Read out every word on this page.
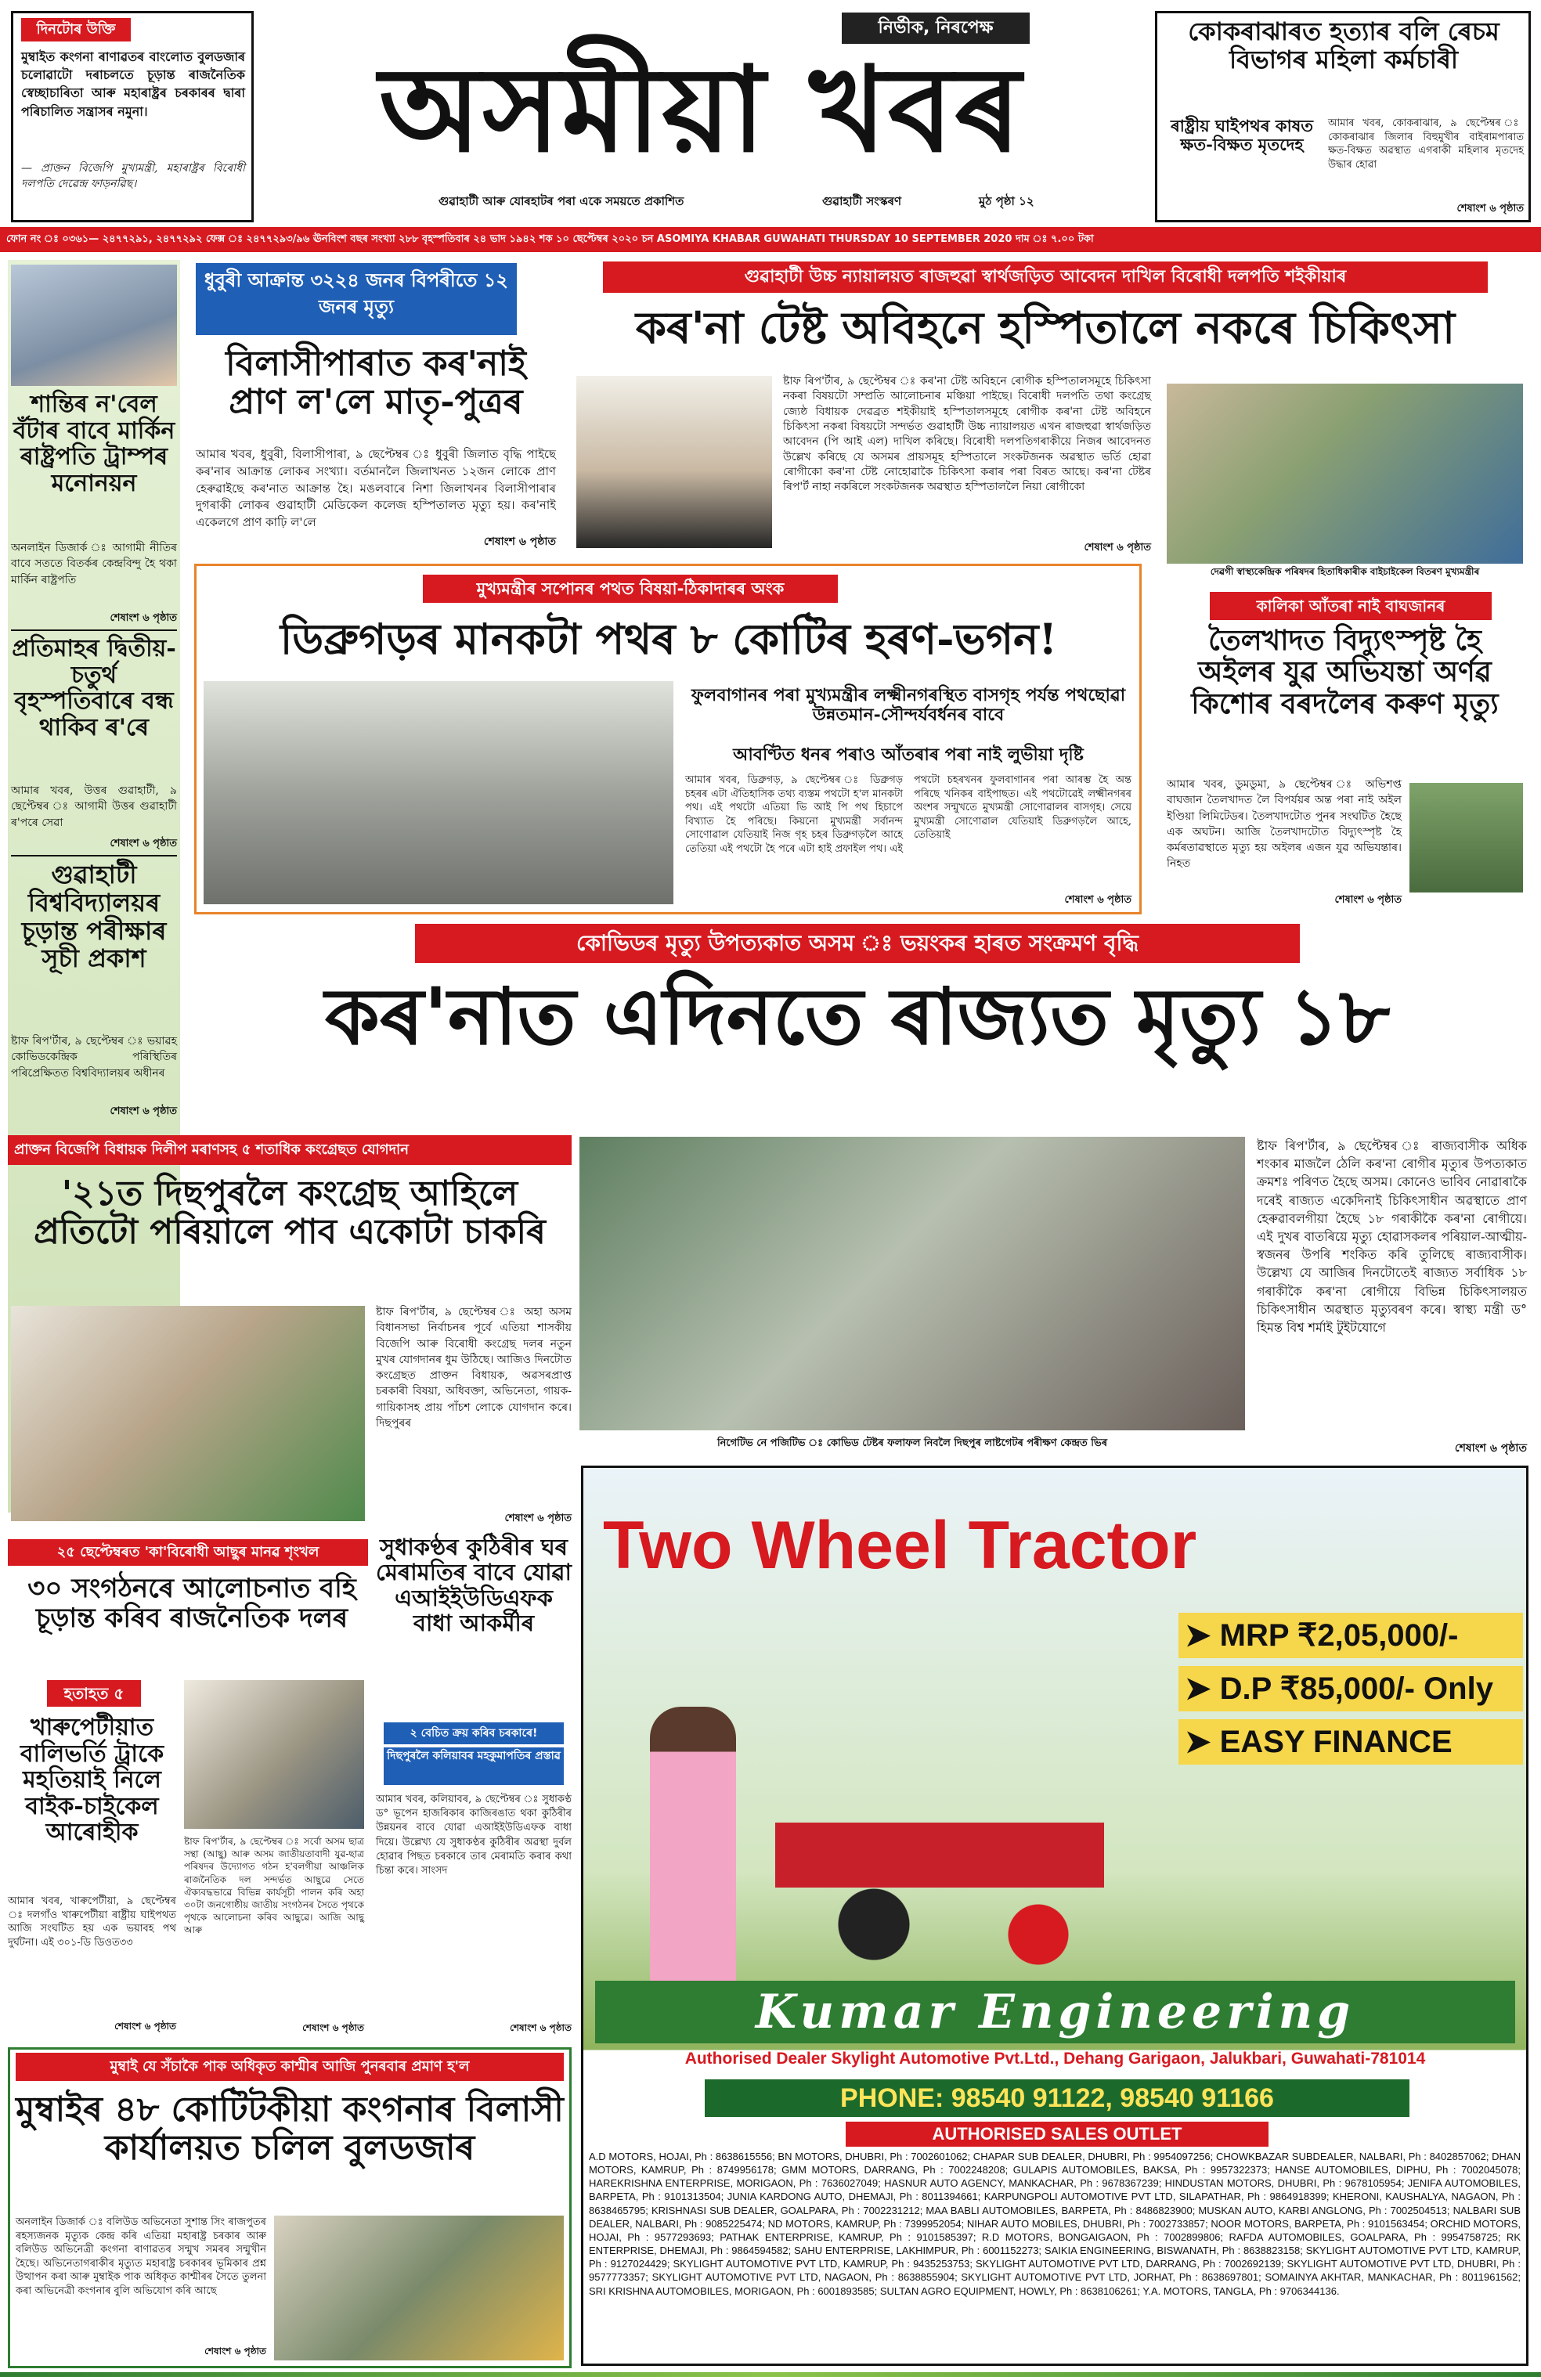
দিনটোৰ উক্তি
মুম্বাইত কংগনা ৰাণাৱতৰ বাংলোত বুলডজাৰ চলোৱাটো দৰাচলতে চূড়ান্ত ৰাজনৈতিক স্বেচ্ছাচাৰিতা আৰু মহাৰাষ্ট্ৰৰ চৰকাৰৰ দ্বাৰা পৰিচালিত সন্ত্ৰাসৰ নমুনা।
— প্ৰাক্তন বিজেপি মুখ্যমন্ত্ৰী, মহাৰাষ্ট্ৰৰ বিৰোধী দলপতি দেৱেন্দ্ৰ ফাড়নৱিছ।
নিৰ্ভীক, নিৰপেক্ষ
অসমীয়া খবৰ
গুৱাহাটী আৰু যোৰহাটৰ পৰা একে সময়তে প্ৰকাশিত	গুৱাহাটী সংস্কৰণ	মুঠ পৃষ্ঠা ১২
কোকৰাঝাৰত হত্যাৰ বলি ৰেচম বিভাগৰ মহিলা কৰ্মচাৰী
ৰাষ্ট্ৰীয় ঘাইপথৰ কাষত ক্ষত-বিক্ষত মৃতদেহ
আমাৰ খবৰ, কোকৰাঝাৰ, ৯ ছেপ্টেম্বৰ ঃ কোকৰাঝাৰ জিলাৰ বিহুমুখীৰ বাইৰামপাৰাত ক্ষত-বিক্ষত অৱস্থাত এগৰাকী মহিলাৰ মৃতদেহ উদ্ধাৰ হোৱা
শেষাংশ ৬ পৃষ্ঠাত
ফোন নং ঃ ০৩৬১— ২৪৭৭২৯১, ২৪৭৭২৯২ ফেক্স ঃ ২৪৭৭২৯৩/৯৬ ঊনবিংশ বছৰ সংখ্যা ২৮৮ বৃহস্পতিবাৰ ২৪ ভাদ ১৯৪২ শক ১০ ছেপ্টেম্বৰ ২০২০ চন ASOMIYA KHABAR GUWAHATI THURSDAY 10 SEPTEMBER 2020 দাম ঃ ৭.০০ টকা
শান্তিৰ ন'বেল বঁটাৰ বাবে মাৰ্কিন ৰাষ্ট্ৰপতি ট্ৰাম্পৰ মনোনয়ন
অনলাইন ডিজাৰ্ক ঃ আগামী নীতিৰ বাবে সততে বিতৰ্কৰ কেন্দ্ৰবিন্দু হৈ থকা মাৰ্কিন ৰাষ্ট্ৰপতি
শেষাংশ ৬ পৃষ্ঠাত
প্ৰতিমাহৰ দ্বিতীয়-চতুৰ্থ বৃহস্পতিবাৰে বন্ধ থাকিব ৰ'ৰে
আমাৰ খবৰ, উত্তৰ গুৱাহাটী, ৯ ছেপ্টেম্বৰ ঃ আগামী উত্তৰ গুৱাহাটী ৰ'পৰে সেৱা
শেষাংশ ৬ পৃষ্ঠাত
গুৱাহাটী বিশ্ববিদ্যালয়ৰ চূড়ান্ত পৰীক্ষাৰ সূচী প্ৰকাশ
ষ্টাফ ৰিপ'ৰ্টাৰ, ৯ ছেপ্টেম্বৰ ঃ ভয়াৱহ কোভিডকেন্দ্ৰিক পৰিস্থিতিৰ পৰিপ্ৰেক্ষিতত বিশ্ববিদ্যালয়ৰ অধীনৰ
শেষাংশ ৬ পৃষ্ঠাত
ধুবুৰী আক্ৰান্ত ৩২২৪ জনৰ বিপৰীতে ১২ জনৰ মৃত্যু
বিলাসীপাৰাত কৰ'নাই প্ৰাণ ল'লে মাতৃ-পুত্ৰৰ
আমাৰ খবৰ, ধুবুৰী, বিলাসীপাৰা, ৯ ছেপ্টেম্বৰ ঃ ধুবুৰী জিলাত বৃদ্ধি পাইছে কৰ'নাৰ আক্ৰান্ত লোকৰ সংখ্যা। বৰ্তমানলৈ জিলাখনত ১২জন লোকে প্ৰাণ হেৰুৱাইছে কৰ'নাত আক্ৰান্ত হৈ। মঙলবাৰে নিশা জিলাখনৰ বিলাসীপাৰাৰ দুগৰাকী লোকৰ গুৱাহাটী মেডিকেল কলেজ হস্পিতালত মৃত্যু হয়। কৰ'নাই একেলগে প্ৰাণ কাঢ়ি ল'লে
শেষাংশ ৬ পৃষ্ঠাত
গুৱাহাটী উচ্চ ন্যায়ালয়ত ৰাজহুৱা স্বাৰ্থজড়িত আবেদন দাখিল বিৰোধী দলপতি শইকীয়াৰ
কৰ'না টেষ্ট অবিহনে হস্পিতালে নকৰে চিকিৎসা
ষ্টাফ ৰিপ'ৰ্টাৰ, ৯ ছেপ্টেম্বৰ ঃ কৰ'না টেষ্ট অবিহনে ৰোগীক হস্পিতালসমূহে চিকিৎসা নকৰা বিষয়টো সম্প্ৰতি আলোচনাৰ মঞ্চিয়া পাইছে। বিৰোধী দলপতি তথা কংগ্ৰেছ জ্যেষ্ঠ বিধায়ক দেৱব্ৰত শইকীয়াই হস্পিতালসমূহে ৰোগীক কৰ'না টেষ্ট অবিহনে চিকিৎসা নকৰা বিষয়টো সন্দৰ্ভত গুৱাহাটী উচ্চ ন্যায়ালয়ত এখন ৰাজহুৱা স্বাৰ্থজড়িত আবেদন (পি আই এল) দাখিল কৰিছে। বিৰোধী দলপতিগৰাকীয়ে নিজৰ আবেদনত উল্লেখ কৰিছে যে অসমৰ প্ৰায়সমূহ হস্পিতালে সংকটজনক অৱস্থাত ভৰ্তি হোৱা ৰোগীকো কৰ'না টেষ্ট নোহোৱাকৈ চিকিৎসা কৰাৰ পৰা বিৰত আছে। কৰ'না টেষ্টৰ ৰিপ'ৰ্ট নাহা নকৰিলে সংকটজনক অৱস্থাত হস্পিতাললৈ নিয়া ৰোগীকো
শেষাংশ ৬ পৃষ্ঠাত
দেৱগী স্বাস্থ্যকেন্দ্ৰিক পৰিষদৰ হিতাধিকাৰীক বাইচাইকেল বিতৰণ মুখ্যমন্ত্ৰীৰ
কালিকা আঁতৰা নাই বাঘজানৰ
তৈলখাদত বিদ্যুৎস্পৃষ্ট হৈ অইলৰ যুৱ অভিযন্তা অৰ্ণৱ কিশোৰ বৰদলৈৰ কৰুণ মৃত্যু
আমাৰ খবৰ, ডুমডুমা, ৯ ছেপ্টেম্বৰ ঃ অভিশপ্ত বাঘজান তৈলখাদত লৈ বিপৰ্যয়ৰ অন্ত পৰা নাই অইল ইণ্ডিয়া লিমিটেডৰ। তৈলখাদটোত পুনৰ সংঘটিত হৈছে এক অঘটন। আজি তৈলখাদটোত বিদ্যুৎস্পৃষ্ট হৈ কৰ্মৰতাৱস্থাতে মৃত্যু হয় অইলৰ এজন যুৱ অভিযন্তাৰ। নিহত
শেষাংশ ৬ পৃষ্ঠাত
মুখ্যমন্ত্ৰীৰ সপোনৰ পথত বিষয়া-ঠিকাদাৰৰ অংক
ডিব্ৰুগড়ৰ মানকটা পথৰ ৮ কোটিৰ হৰণ-ভগন!
ফুলবাগানৰ পৰা মুখ্যমন্ত্ৰীৰ লক্ষ্মীনগৰস্থিত বাসগৃহ পৰ্যন্ত পথছোৱা উন্নতমান-সৌন্দৰ্যবৰ্ধনৰ বাবে
আবণ্টিত ধনৰ পৰাও আঁতৰাৰ পৰা নাই লুভীয়া দৃষ্টি
আমাৰ খবৰ, ডিব্ৰুগড়, ৯ ছেপ্টেম্বৰ ঃ ডিব্ৰুগড় চহৰৰ এটা ঐতিহাসিক তথ্য ব্যস্তম পথটো হ'ল মানকটা পথ। এই পথটো এতিয়া ভি আই পি পথ হিচাপে বিখ্যাত হৈ পৰিছে। কিয়নো মুখ্যমন্ত্ৰী সৰ্বানন্দ সোণোৱাল যেতিয়াই নিজ গৃহ চহৰ ডিব্ৰুগড়লৈ আহে তেতিয়া এই পথটো হৈ পৰে এটা হাই প্ৰফাইল পথ। এই পথটো চহৰখনৰ ফুলবাগানৰ পৰা আৰম্ভ হৈ অন্ত পৰিছে খনিকৰ বাইপাছত। এই পথটোৱেই লক্ষ্মীনগৰৰ অংশৰ সন্মুখতে মুখ্যমন্ত্ৰী সোণোৱালৰ বাসগৃহ। সেয়ে মুখ্যমন্ত্ৰী সোণোৱাল যেতিয়াই ডিব্ৰুগড়লৈ আহে, তেতিয়াই
শেষাংশ ৬ পৃষ্ঠাত
কোভিডৰ মৃত্যু উপত্যকাত অসম ঃ ভয়ংকৰ হাৰত সংক্ৰমণ বৃদ্ধি
কৰ'নাত এদিনতে ৰাজ্যত মৃত্যু ১৮
নিগেটিভ নে পজিটিভ ঃ কোভিড টেষ্টৰ ফলাফল নিবলৈ দিছপুৰ লাষ্টগেটৰ পৰীক্ষণ কেন্দ্ৰত ভিৰ
ষ্টাফ ৰিপ'ৰ্টাৰ, ৯ ছেপ্টেম্বৰ ঃ ৰাজ্যবাসীক অধিক শংকাৰ মাজলৈ ঠেলি কৰ'না ৰোগীৰ মৃত্যুৰ উপত্যকাত ক্ৰমশঃ পৰিণত হৈছে অসম। কোনেও ভাবিব নোৱাৰাকৈ দৰেই ৰাজ্যত একেদিনাই চিকিৎসাধীন অৱস্থাতে প্ৰাণ হেৰুৱাবলগীয়া হৈছে ১৮ গৰাকীকৈ কৰ'না ৰোগীয়ে। এই দুখৰ বাতৰিয়ে মৃত্যু হোৱাসকলৰ পৰিয়াল-আত্মীয়-স্বজনৰ উপৰি শংকিত কৰি তুলিছে ৰাজ্যবাসীক। উল্লেখ্য যে আজিৰ দিনটোতেই ৰাজ্যত সৰ্বাধিক ১৮ গৰাকীকৈ কৰ'না ৰোগীয়ে বিভিন্ন চিকিৎসালয়ত চিকিৎসাধীন অৱস্থাত মৃত্যুবৰণ কৰে। স্বাস্থ্য মন্ত্ৰী ড° হিমন্ত বিশ্ব শৰ্মাই টুইটযোগে
শেষাংশ ৬ পৃষ্ঠাত
প্ৰাক্তন বিজেপি বিধায়ক দিলীপ মৰাণসহ ৫ শতাধিক কংগ্ৰেছত যোগদান
'২১ত দিছপুৰলৈ কংগ্ৰেছ আহিলে প্ৰতিটো পৰিয়ালে পাব একোটা চাকৰি
ষ্টাফ ৰিপ'ৰ্টাৰ, ৯ ছেপ্টেম্বৰ ঃ অহা অসম বিধানসভা নিৰ্বাচনৰ পূৰ্বে এতিয়া শাসকীয় বিজেপি আৰু বিৰোধী কংগ্ৰেছ দলৰ নতুন মুখৰ যোগদানৰ ধুম উঠিছে। আজিও দিনটোত কংগ্ৰেছত প্ৰাক্তন বিধায়ক, অৱসৰপ্ৰাপ্ত চৰকাৰী বিষয়া, অধিবক্তা, অভিনেতা, গায়ক-গায়িকাসহ প্ৰায় পাঁচশ লোকে যোগদান কৰে। দিছপুৰৰ
শেষাংশ ৬ পৃষ্ঠাত
২৫ ছেপ্টেম্বৰত 'কা'বিৰোধী আছুৰ মানৱ শৃংখল
৩০ সংগঠনৰে আলোচনাত বহি চূড়ান্ত কৰিব ৰাজনৈতিক দলৰ
হতাহত ৫
খাৰুপেটীয়াত বালিভৰ্তি ট্ৰাকে মহতিয়াই নিলে বাইক-চাইকেল আৰোহীক
আমাৰ খবৰ, খাৰুপেটীয়া, ৯ ছেপ্টেম্বৰ ঃ দলগাঁও খাৰুপেটীয়া ৰাষ্ট্ৰীয় ঘাইপথত আজি সংঘটিত হয় এক ভয়াবহ পথ দুৰ্ঘটনা। এই ৩০১-ডি ডিওত৩৩
শেষাংশ ৬ পৃষ্ঠাত
ষ্টাফ ৰিপ'ৰ্টাৰ, ৯ ছেপ্টেম্বৰ ঃ সৰ্বো অসম ছাত্ৰ সন্থা (আছু) আৰু অসম জাতীয়তাবাদী যুৱ-ছাত্ৰ পৰিষদৰ উদ্যোগত গঠন হ'বলগীয়া আঞ্চলিক ৰাজনৈতিক দল সন্দৰ্ভত আছুৱে সেতে ঐক্যবদ্ধভাৱে বিভিন্ন কাৰ্যসূচী পালন কৰি অহা ৩০টা জনগোষ্ঠীয় জাতীয় সংগঠনৰ সৈতে পৃথকে পৃথকে আলোচনা কৰিব আছুৱে। আজি আছু আৰু
শেষাংশ ৬ পৃষ্ঠাত
সুধাকণ্ঠৰ কুঠিৰীৰ ঘৰ মেৰামতিৰ বাবে যোৱা এআইইউডিএফক বাধা আকৰ্মীৰ
২ বেচিত ক্ৰয় কৰিব চৰকাৰে!
দিছপুৰলৈ কলিয়াবৰ মহকুমাপতিৰ প্ৰস্তাৱ
আমাৰ খবৰ, কলিয়াবৰ, ৯ ছেপ্টেম্বৰ ঃ সুধাকণ্ঠ ড° ভূপেন হাজৰিকাৰ কাজিৰঙাত থকা কুঠিৰীৰ উন্নয়নৰ বাবে যোৱা এআইইউডিএফক বাধা দিয়ে। উল্লেখ্য যে সুধাকণ্ঠৰ কুঠিৰীৰ অৱস্থা দুৰ্বল হোৱাৰ পিছত চৰকাৰে তাৰ মেৰামতি কৰাৰ কথা চিন্তা কৰে। সাংসদ
শেষাংশ ৬ পৃষ্ঠাত
মুম্বাই যে সঁচাকৈ পাক অধিকৃত কাশ্মীৰ আজি পুনৰবাৰ প্ৰমাণ হ'ল
মুম্বাইৰ ৪৮ কোটিটকীয়া কংগনাৰ বিলাসী কাৰ্যালয়ত চলিল বুলডজাৰ
অনলাইন ডিজাৰ্ক ঃ বলিউড অভিনেতা সুশান্ত সিং ৰাজপুতৰ ৰহস্যজনক মৃত্যুক কেন্দ্ৰ কৰি এতিয়া মহাৰাষ্ট্ৰ চৰকাৰ আৰু বলিউড অভিনেত্ৰী কংগনা ৰাণাৱতৰ সন্মুখ সমৰৰ সন্মুখীন হৈছে। অভিনেতাগৰাকীৰ মৃত্যুত মহাৰাষ্ট্ৰ চৰকাৰৰ ভূমিকাৰ প্ৰশ্ন উত্থাপন কৰা আৰু মুম্বাইক পাক অধিকৃত কাশ্মীৰৰ সৈতে তুলনা কৰা অভিনেত্ৰী কংগনাৰ বুলি অভিযোগ কৰি আছে
শেষাংশ ৬ পৃষ্ঠাত
Two Wheel Tractor
➤ MRP ₹2,05,000/-
➤ D.P ₹85,000/- Only
➤ EASY FINANCE
Kumar Engineering
Authorised Dealer Skylight Automotive Pvt.Ltd., Dehang Garigaon, Jalukbari, Guwahati-781014
PHONE: 98540 91122, 98540 91166
AUTHORISED SALES OUTLET
A.D MOTORS, HOJAI, Ph : 8638615556; BN MOTORS, DHUBRI, Ph : 7002601062; CHAPAR SUB DEALER, DHUBRI, Ph : 9954097256; CHOWKBAZAR SUBDEALER, NALBARI, Ph : 8402857062; DHAN MOTORS, KAMRUP, Ph : 8749956178; GMM MOTORS, DARRANG, Ph : 7002248208; GULAPIS AUTOMOBILES, BAKSA, Ph : 9957322373; HANSE AUTOMOBILES, DIPHU, Ph : 7002045078; HAREKRISHNA ENTERPRISE, MORIGAON, Ph : 7636027049; HASNUR AUTO AGENCY, MANKACHAR, Ph : 9678367239; HINDUSTAN MOTORS, DHUBRI, Ph : 9678105954; JENIFA AUTOMOBILES, BARPETA, Ph : 9101313504; JUNIA KARDONG AUTO, DHEMAJI, Ph : 8011394661; KARPUNGPOLI AUTOMOTIVE PVT LTD, SILAPATHAR, Ph : 9864918399; KHERONI, KAUSHALYA, NAGAON, Ph : 8638465795; KRISHNASI SUB DEALER, GOALPARA, Ph : 7002231212; MAA BABLI AUTOMOBILES, BARPETA, Ph : 8486823900; MUSKAN AUTO, KARBI ANGLONG, Ph : 7002504513; NALBARI SUB DEALER, NALBARI, Ph : 9085225474; ND MOTORS, KAMRUP, Ph : 7399952054; NIHAR AUTO MOBILES, DHUBRI, Ph : 7002733857; NOOR MOTORS, BARPETA, Ph : 9101563454; ORCHID MOTORS, HOJAI, Ph : 9577293693; PATHAK ENTERPRISE, KAMRUP, Ph : 9101585397; R.D MOTORS, BONGAIGAON, Ph : 7002899806; RAFDA AUTOMOBILES, GOALPARA, Ph : 9954758725; RK ENTERPRISE, DHEMAJI, Ph : 9864594582; SAHU ENTERPRISE, LAKHIMPUR, Ph : 6001152273; SAIKIA ENGINEERING, BISWANATH, Ph : 8638823158; SKYLIGHT AUTOMOTIVE PVT LTD, KAMRUP, Ph : 9127024429; SKYLIGHT AUTOMOTIVE PVT LTD, KAMRUP, Ph : 9435253753; SKYLIGHT AUTOMOTIVE PVT LTD, DARRANG, Ph : 7002692139; SKYLIGHT AUTOMOTIVE PVT LTD, DHUBRI, Ph : 9577773357; SKYLIGHT AUTOMOTIVE PVT LTD, NAGAON, Ph : 8638855904; SKYLIGHT AUTOMOTIVE PVT LTD, JORHAT, Ph : 8638697801; SOMAINYA AKHTAR, MANKACHAR, Ph : 8011961562; SRI KRISHNA AUTOMOBILES, MORIGAON, Ph : 6001893585; SULTAN AGRO EQUIPMENT, HOWLY, Ph : 8638106261; Y.A. MOTORS, TANGLA, Ph : 9706344136.
